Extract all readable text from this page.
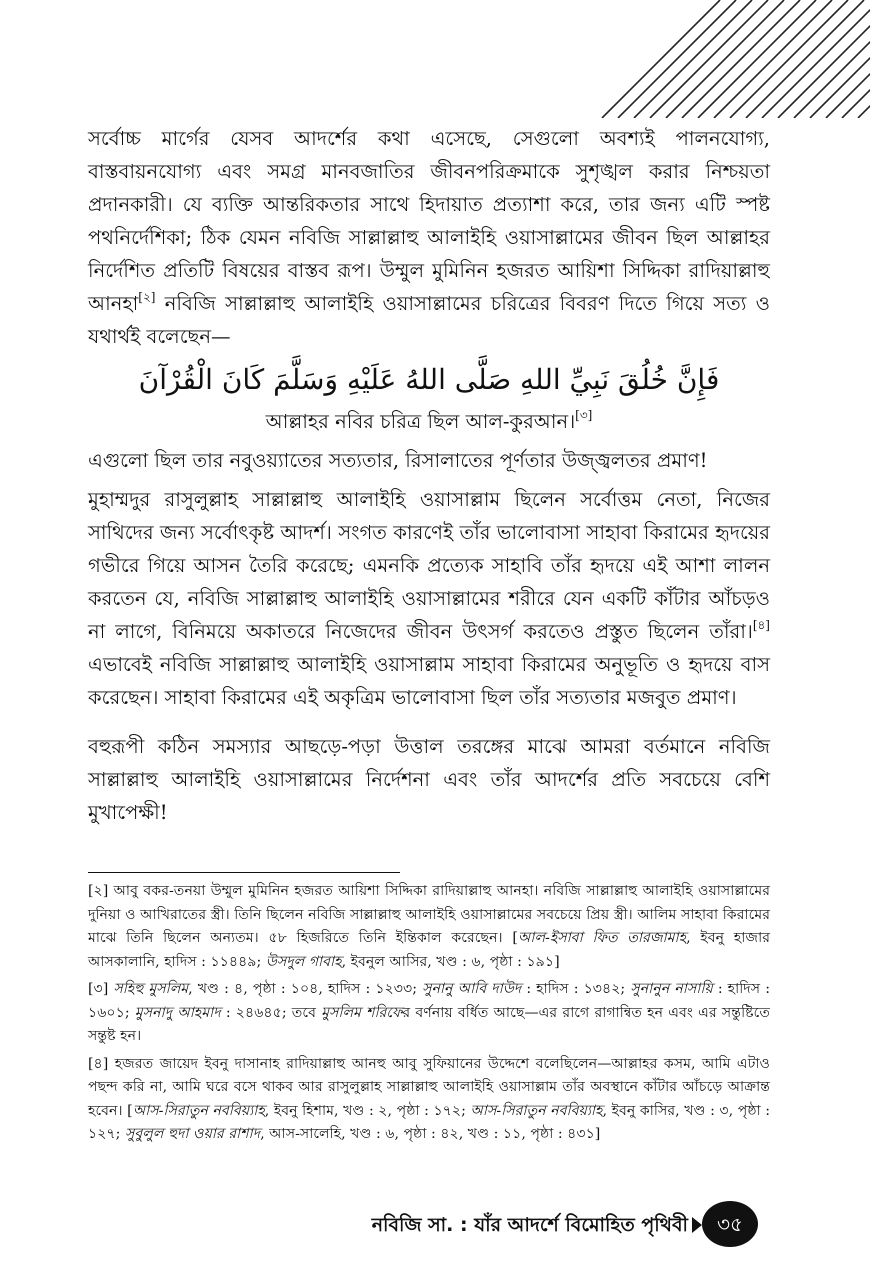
সর্বোচ্চ মার্গের যেসব আদর্শের কথা এসেছে, সেগুলো অবশ্যই পালনযোগ্য, বাস্তবায়নযোগ্য এবং সমগ্র মানবজাতির জীবনপরিক্রমাকে সুশৃঙ্খল করার নিশ্চয়তা প্রদানকারী। যে ব্যক্তি আন্তরিকতার সাথে হিদায়াত প্রত্যাশা করে, তার জন্য এটি স্পষ্ট পথনির্দেশিকা; ঠিক যেমন নবিজি সাল্লাল্লাহু আলাইহি ওয়াসাল্লামের জীবন ছিল আল্লাহর নির্দেশিত প্রতিটি বিষয়ের বাস্তব রূপ। উম্মুল মুমিনিন হজরত আয়িশা সিদ্দিকা রাদিয়াল্লাহু আনহা[২] নবিজি সাল্লাল্লাহু আলাইহি ওয়াসাল্লামের চরিত্রের বিবরণ দিতে গিয়ে সত্য ও যথার্থই বলেছেন—

فَإِنَّ خُلُقَ نَبِيِّ اللهِ صَلَّى اللهُ عَلَيْهِ وَسَلَّمَ كَانَ الْقُرْآنَ

আল্লাহর নবির চরিত্র ছিল আল-কুরআন।[৩]

এগুলো ছিল তার নবুওয়্যাতের সত্যতার, রিসালাতের পূর্ণতার উজ্জ্বলতর প্রমাণ!

মুহাম্মদুর রাসুলুল্লাহ সাল্লাল্লাহু আলাইহি ওয়াসাল্লাম ছিলেন সর্বোত্তম নেতা, নিজের সাথিদের জন্য সর্বোৎকৃষ্ট আদর্শ। সংগত কারণেই তাঁর ভালোবাসা সাহাবা কিরামের হৃদয়ের গভীরে গিয়ে আসন তৈরি করেছে; এমনকি প্রত্যেক সাহাবি তাঁর হৃদয়ে এই আশা লালন করতেন যে, নবিজি সাল্লাল্লাহু আলাইহি ওয়াসাল্লামের শরীরে যেন একটি কাঁটার আঁচড়ও না লাগে, বিনিময়ে অকাতরে নিজেদের জীবন উৎসর্গ করতেও প্রস্তুত ছিলেন তাঁরা।[৪] এভাবেই নবিজি সাল্লাল্লাহু আলাইহি ওয়াসাল্লাম সাহাবা কিরামের অনুভূতি ও হৃদয়ে বাস করেছেন। সাহাবা কিরামের এই অকৃত্রিম ভালোবাসা ছিল তাঁর সত্যতার মজবুত প্রমাণ।

বহুরূপী কঠিন সমস্যার আছড়ে-পড়া উত্তাল তরঙ্গের মাঝে আমরা বর্তমানে নবিজি সাল্লাল্লাহু আলাইহি ওয়াসাল্লামের নির্দেশনা এবং তাঁর আদর্শের প্রতি সবচেয়ে বেশি মুখাপেক্ষী!

[২] আবু বকর-তনয়া উম্মুল মুমিনিন হজরত আয়িশা সিদ্দিকা রাদিয়াল্লাহু আনহা। নবিজি সাল্লাল্লাহু আলাইহি ওয়াসাল্লামের দুনিয়া ও আখিরাতের স্ত্রী। তিনি ছিলেন নবিজি সাল্লাল্লাহু আলাইহি ওয়াসাল্লামের সবচেয়ে প্রিয় স্ত্রী। আলিম সাহাবা কিরামের মাঝে তিনি ছিলেন অন্যতম। ৫৮ হিজরিতে তিনি ইন্তিকাল করেছেন। [আল-ইসাবা ফিত তারজামাহ, ইবনু হাজার আসকালানি, হাদিস : ১১৪৪৯; উসদুল গাবাহ, ইবনুল আসির, খণ্ড : ৬, পৃষ্ঠা : ১৯১]

[৩] সহিহু মুসলিম, খণ্ড : ৪, পৃষ্ঠা : ১০৪, হাদিস : ১২৩৩; সুনানু আবি দাউদ : হাদিস : ১৩৪২; সুনানুন নাসায়ি : হাদিস : ১৬০১; মুসনাদু আহমাদ : ২৪৬৪৫; তবে মুসলিম শরিফের বর্ণনায় বর্ধিত আছে—এর রাগে রাগান্বিত হন এবং এর সন্তুষ্টিতে সন্তুষ্ট হন।

[৪] হজরত জায়েদ ইবনু দাসানাহ রাদিয়াল্লাহু আনহু আবু সুফিয়ানের উদ্দেশে বলেছিলেন—আল্লাহর কসম, আমি এটাও পছন্দ করি না, আমি ঘরে বসে থাকব আর রাসুলুল্লাহ সাল্লাল্লাহু আলাইহি ওয়াসাল্লাম তাঁর অবস্থানে কাঁটার আঁচড়ে আক্রান্ত হবেন। [আস-সিরাতুন নববিয়্যাহ, ইবনু হিশাম, খণ্ড : ২, পৃষ্ঠা : ১৭২; আস-সিরাতুন নববিয়্যাহ, ইবনু কাসির, খণ্ড : ৩, পৃষ্ঠা : ১২৭; সুবুলুল হুদা ওয়ার রাশাদ, আস-সালেহি, খণ্ড : ৬, পৃষ্ঠা : ৪২, খণ্ড : ১১, পৃষ্ঠা : ৪৩১]

নবিজি সা. : যাঁর আদর্শে বিমোহিত পৃথিবী	৩৫
